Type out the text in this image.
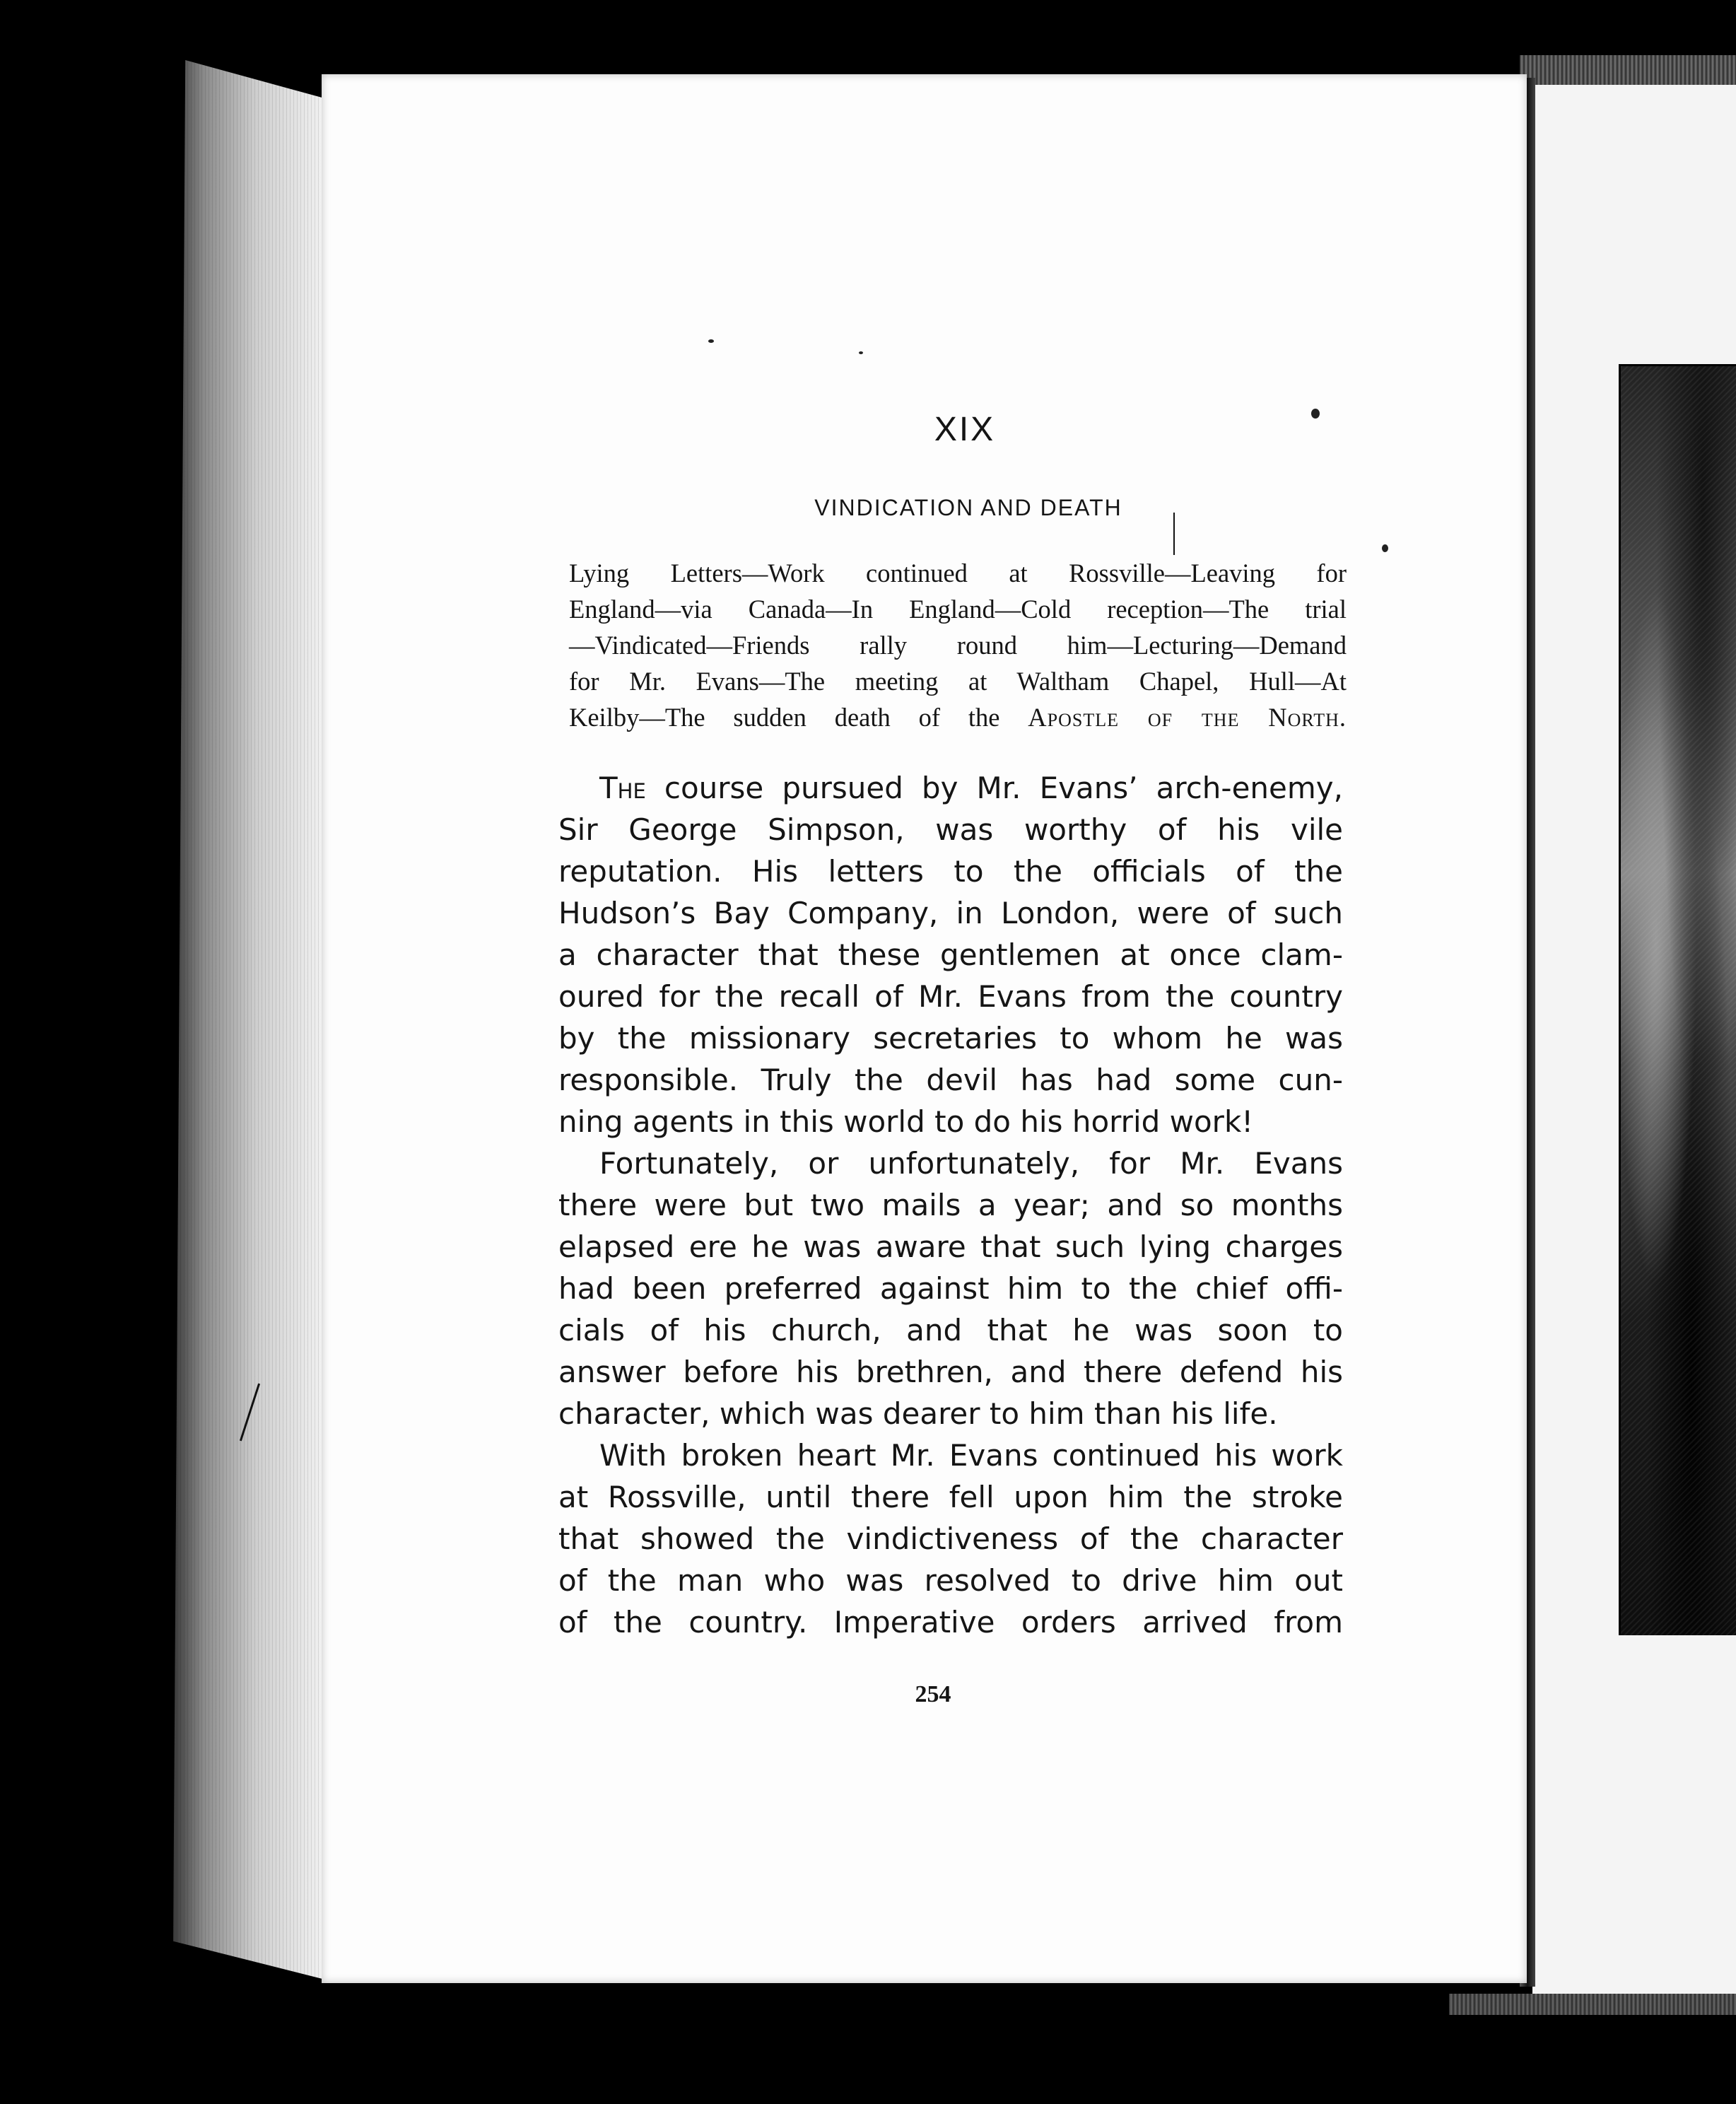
XIX
VINDICATION AND DEATH
Lying Letters—Work continued at Rossville—Leaving for
England—via Canada—In England—Cold reception—The trial
—Vindicated—Friends rally round him—Lecturing—Demand
for Mr. Evans—The meeting at Waltham Chapel, Hull—At
Keilby—The sudden death of the Apostle of the North.
The course pursued by Mr. Evans’ arch-enemy,
Sir George Simpson, was worthy of his vile
reputation. His letters to the officials of the
Hudson’s Bay Company, in London, were of such
a character that these gentlemen at once clam-
oured for the recall of Mr. Evans from the country
by the missionary secretaries to whom he was
responsible. Truly the devil has had some cun-
ning agents in this world to do his horrid work!
Fortunately, or unfortunately, for Mr. Evans
there were but two mails a year; and so months
elapsed ere he was aware that such lying charges
had been preferred against him to the chief offi-
cials of his church, and that he was soon to
answer before his brethren, and there defend his
character, which was dearer to him than his life.
With broken heart Mr. Evans continued his work
at Rossville, until there fell upon him the stroke
that showed the vindictiveness of the character
of the man who was resolved to drive him out
of the country. Imperative orders arrived from
254
